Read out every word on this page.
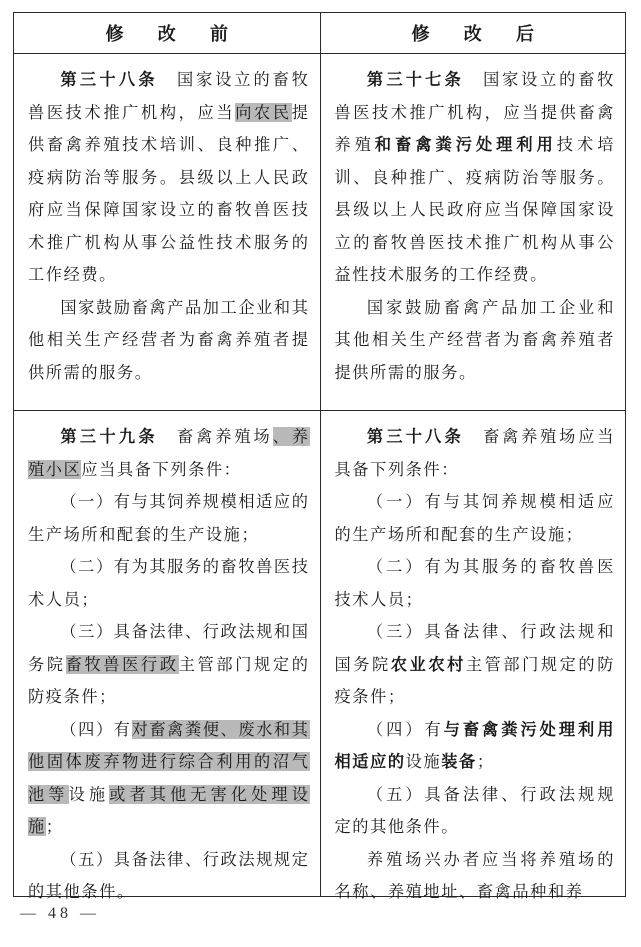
修 改 前	修 改 后

第三十八条　 国家设立的畜牧兽医技术推广机构，应当向农民提供畜禽养殖技术培训、良种推广、疫病防治等服务。县级以上人民政府应当保障国家设立的畜牧兽医技术推广机构从事公益性技术服务的工作经费。

国家鼓励畜禽产品加工企业和其他相关生产经营者为畜禽养殖者提供所需的服务。

第三十七条　 国家设立的畜牧兽医技术推广机构，应当提供畜禽养殖和畜禽粪污处理利用技术培训、良种推广、疫病防治等服务。县级以上人民政府应当保障国家设立的畜牧兽医技术推广机构从事公益性技术服务的工作经费。

国家鼓励畜禽产品加工企业和其他相关生产经营者为畜禽养殖者提供所需的服务。

第三十九条　 畜禽养殖场、养殖小区应当具备下列条件：

（一）有与其饲养规模相适应的生产场所和配套的生产设施；

（二）有为其服务的畜牧兽医技术人员；

（三）具备法律、行政法规和国务院畜牧兽医行政主管部门规定的防疫条件；

（四）有对畜禽粪便、废水和其他固体废弃物进行综合利用的沼气池等设施或者其他无害化处理设施；

（五）具备法律、行政法规规定的其他条件。

第三十八条　 畜禽养殖场应当具备下列条件：

（一）有与其饲养规模相适应的生产场所和配套的生产设施；

（二）有为其服务的畜牧兽医技术人员；

（三）具备法律、行政法规和国务院农业农村主管部门规定的防疫条件；

（四）有与畜禽粪污处理利用相适应的设施装备；

（五）具备法律、行政法规规定的其他条件。

养殖场兴办者应当将养殖场的名称、养殖地址、畜禽品种和养

— 48 —
